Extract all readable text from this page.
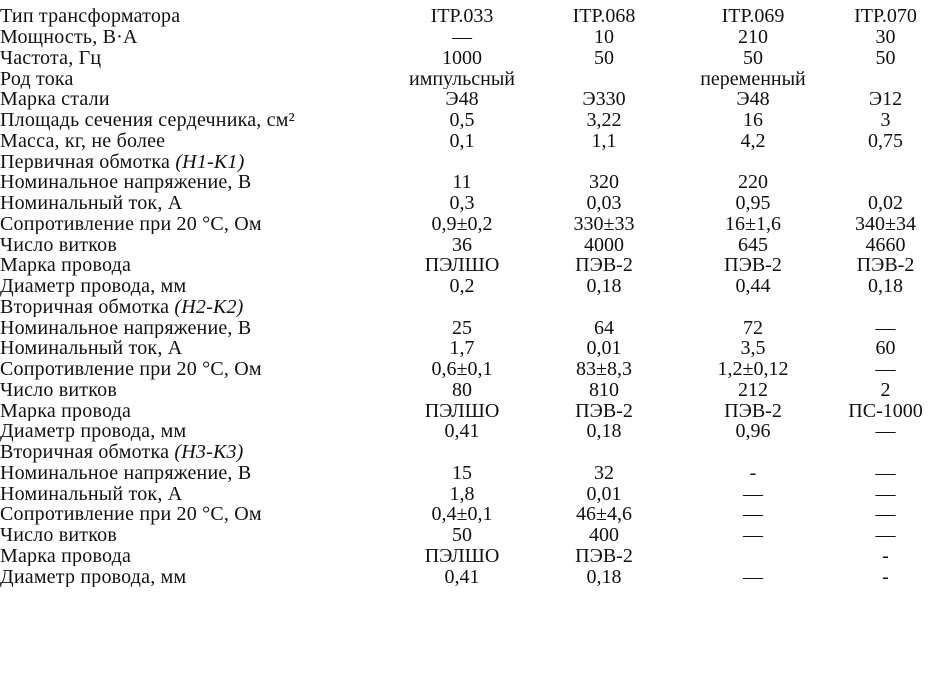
Тип трансформатора	ITP.033	ITP.068	ITP.069	ITP.070
Мощность, В·А	—	10	210	30
Частота, Гц	1000	50	50	50
Род тока	импульсный		переменный	
Марка стали	Э48	Э330	Э48	Э12
Площадь сечения сердечника, см²	0,5	3,22	16	3
Масса, кг, не более	0,1	1,1	4,2	0,75
Первичная обмотка (H1-K1)				
Номинальное напряжение, В	11	320	220	
Номинальный ток, А	0,3	0,03	0,95	0,02
Сопротивление при 20 °С, Ом	0,9±0,2	330±33	16±1,6	340±34
Число витков	36	4000	645	4660
Марка провода	ПЭЛШО	ПЭВ-2	ПЭВ-2	ПЭВ-2
Диаметр провода, мм	0,2	0,18	0,44	0,18
Вторичная обмотка (H2-K2)				
Номинальное напряжение, В	25	64	72	—
Номинальный ток, А	1,7	0,01	3,5	60
Сопротивление при 20 °С, Ом	0,6±0,1	83±8,3	1,2±0,12	—
Число витков	80	810	212	2
Марка провода	ПЭЛШО	ПЭВ-2	ПЭВ-2	ПС-1000
Диаметр провода, мм	0,41	0,18	0,96	—
Вторичная обмотка (H3-K3)				
Номинальное напряжение, В	15	32	-	—
Номинальный ток, А	1,8	0,01	—	—
Сопротивление при 20 °С, Ом	0,4±0,1	46±4,6	—	—
Число витков	50	400	—	—
Марка провода	ПЭЛШО	ПЭВ-2		-
Диаметр провода, мм	0,41	0,18	—	-
